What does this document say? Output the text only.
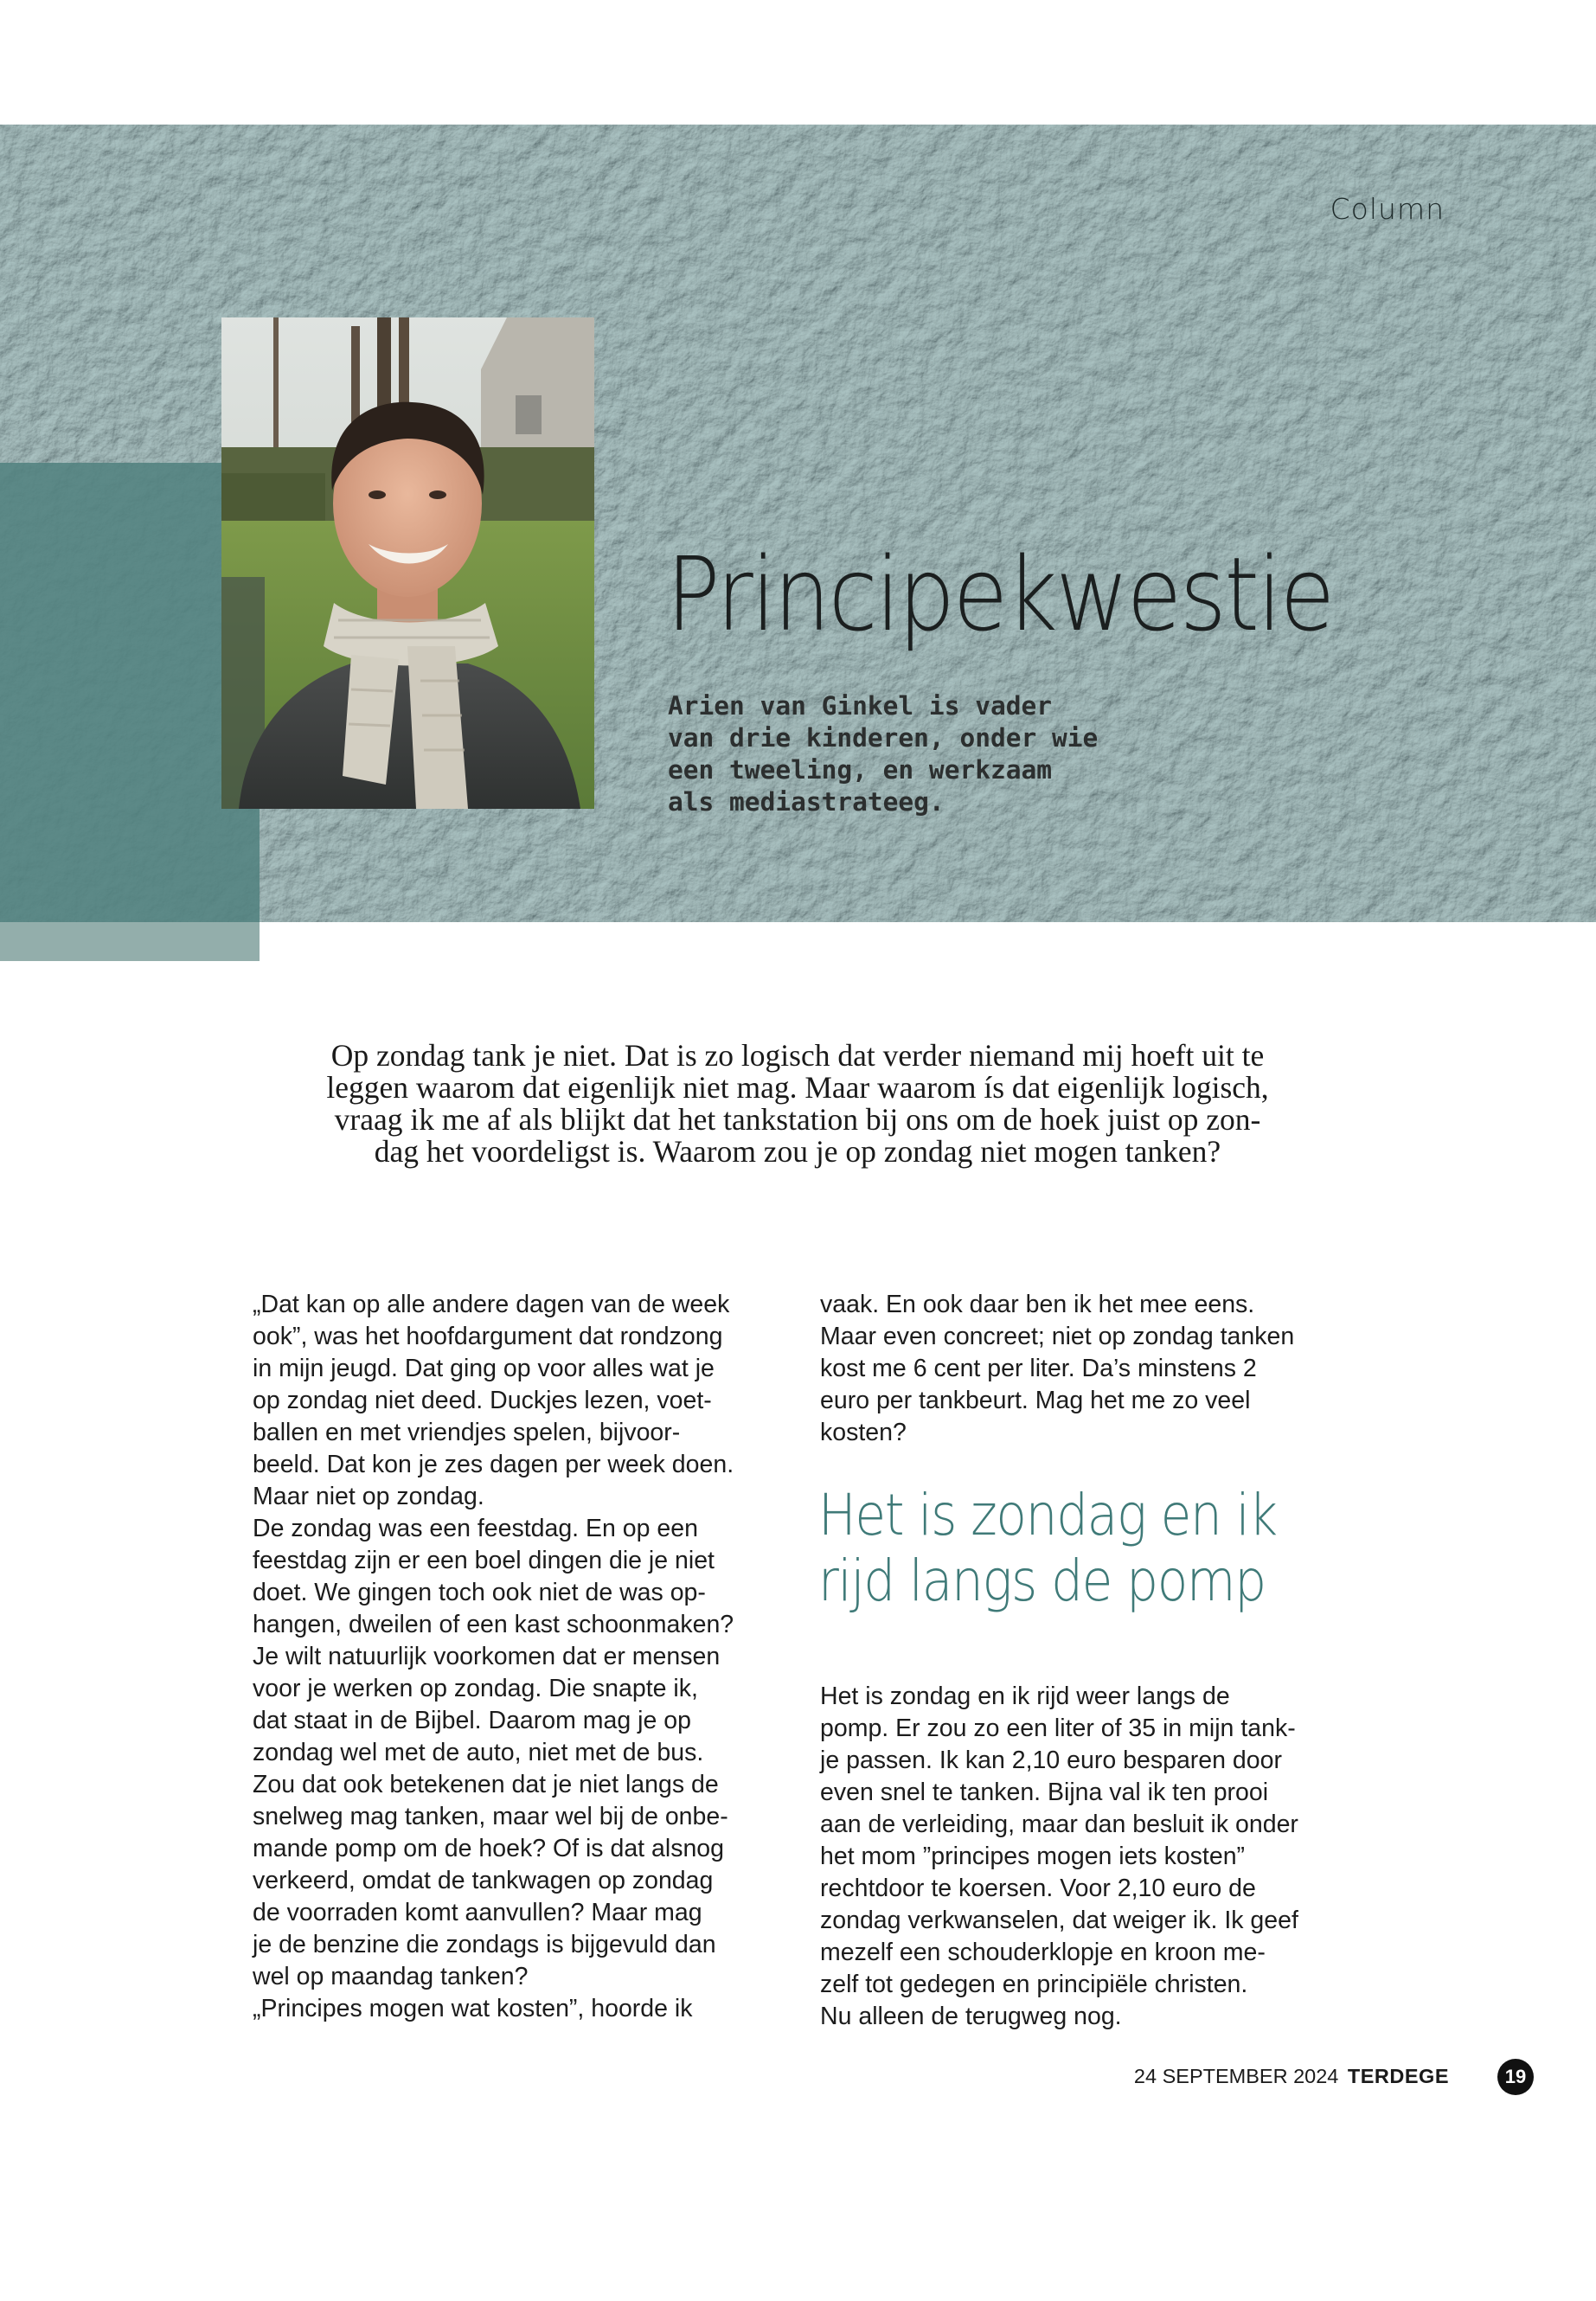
Column
Principekwestie
Arien van Ginkel is vader
van drie kinderen, onder wie
een tweeling, en werkzaam
als mediastrateeg.
Op zondag tank je niet. Dat is zo logisch dat verder niemand mij hoeft uit te
leggen waarom dat eigenlijk niet mag. Maar waarom ís dat eigenlijk logisch,
vraag ik me af als blijkt dat het tankstation bij ons om de hoek juist op zon-
dag het voordeligst is. Waarom zou je op zondag niet mogen tanken?
„Dat kan op alle andere dagen van de week
ook”, was het hoofdargument dat rondzong
in mijn jeugd. Dat ging op voor alles wat je
op zondag niet deed. Duckjes lezen, voet-
ballen en met vriendjes spelen, bijvoor-
beeld. Dat kon je zes dagen per week doen.
Maar niet op zondag.
De zondag was een feestdag. En op een
feestdag zijn er een boel dingen die je niet
doet. We gingen toch ook niet de was op-
hangen, dweilen of een kast schoonmaken?
Je wilt natuurlijk voorkomen dat er mensen
voor je werken op zondag. Die snapte ik,
dat staat in de Bijbel. Daarom mag je op
zondag wel met de auto, niet met de bus.
Zou dat ook betekenen dat je niet langs de
snelweg mag tanken, maar wel bij de onbe-
mande pomp om de hoek? Of is dat alsnog
verkeerd, omdat de tankwagen op zondag
de voorraden komt aanvullen? Maar mag
je de benzine die zondags is bijgevuld dan
wel op maandag tanken?
„Principes mogen wat kosten”, hoorde ik
vaak. En ook daar ben ik het mee eens.
Maar even concreet; niet op zondag tanken
kost me 6 cent per liter. Da’s minstens 2
euro per tankbeurt. Mag het me zo veel
kosten?
Het is zondag en ik
rijd langs de pomp
Het is zondag en ik rijd weer langs de
pomp. Er zou zo een liter of 35 in mijn tank-
je passen. Ik kan 2,10 euro besparen door
even snel te tanken. Bijna val ik ten prooi
aan de verleiding, maar dan besluit ik onder
het mom ”principes mogen iets kosten”
rechtdoor te koersen. Voor 2,10 euro de
zondag verkwanselen, dat weiger ik. Ik geef
mezelf een schouderklopje en kroon me-
zelf tot gedegen en principiële christen.
Nu alleen de terugweg nog.
24 SEPTEMBER 2024 TERDEGE	19
